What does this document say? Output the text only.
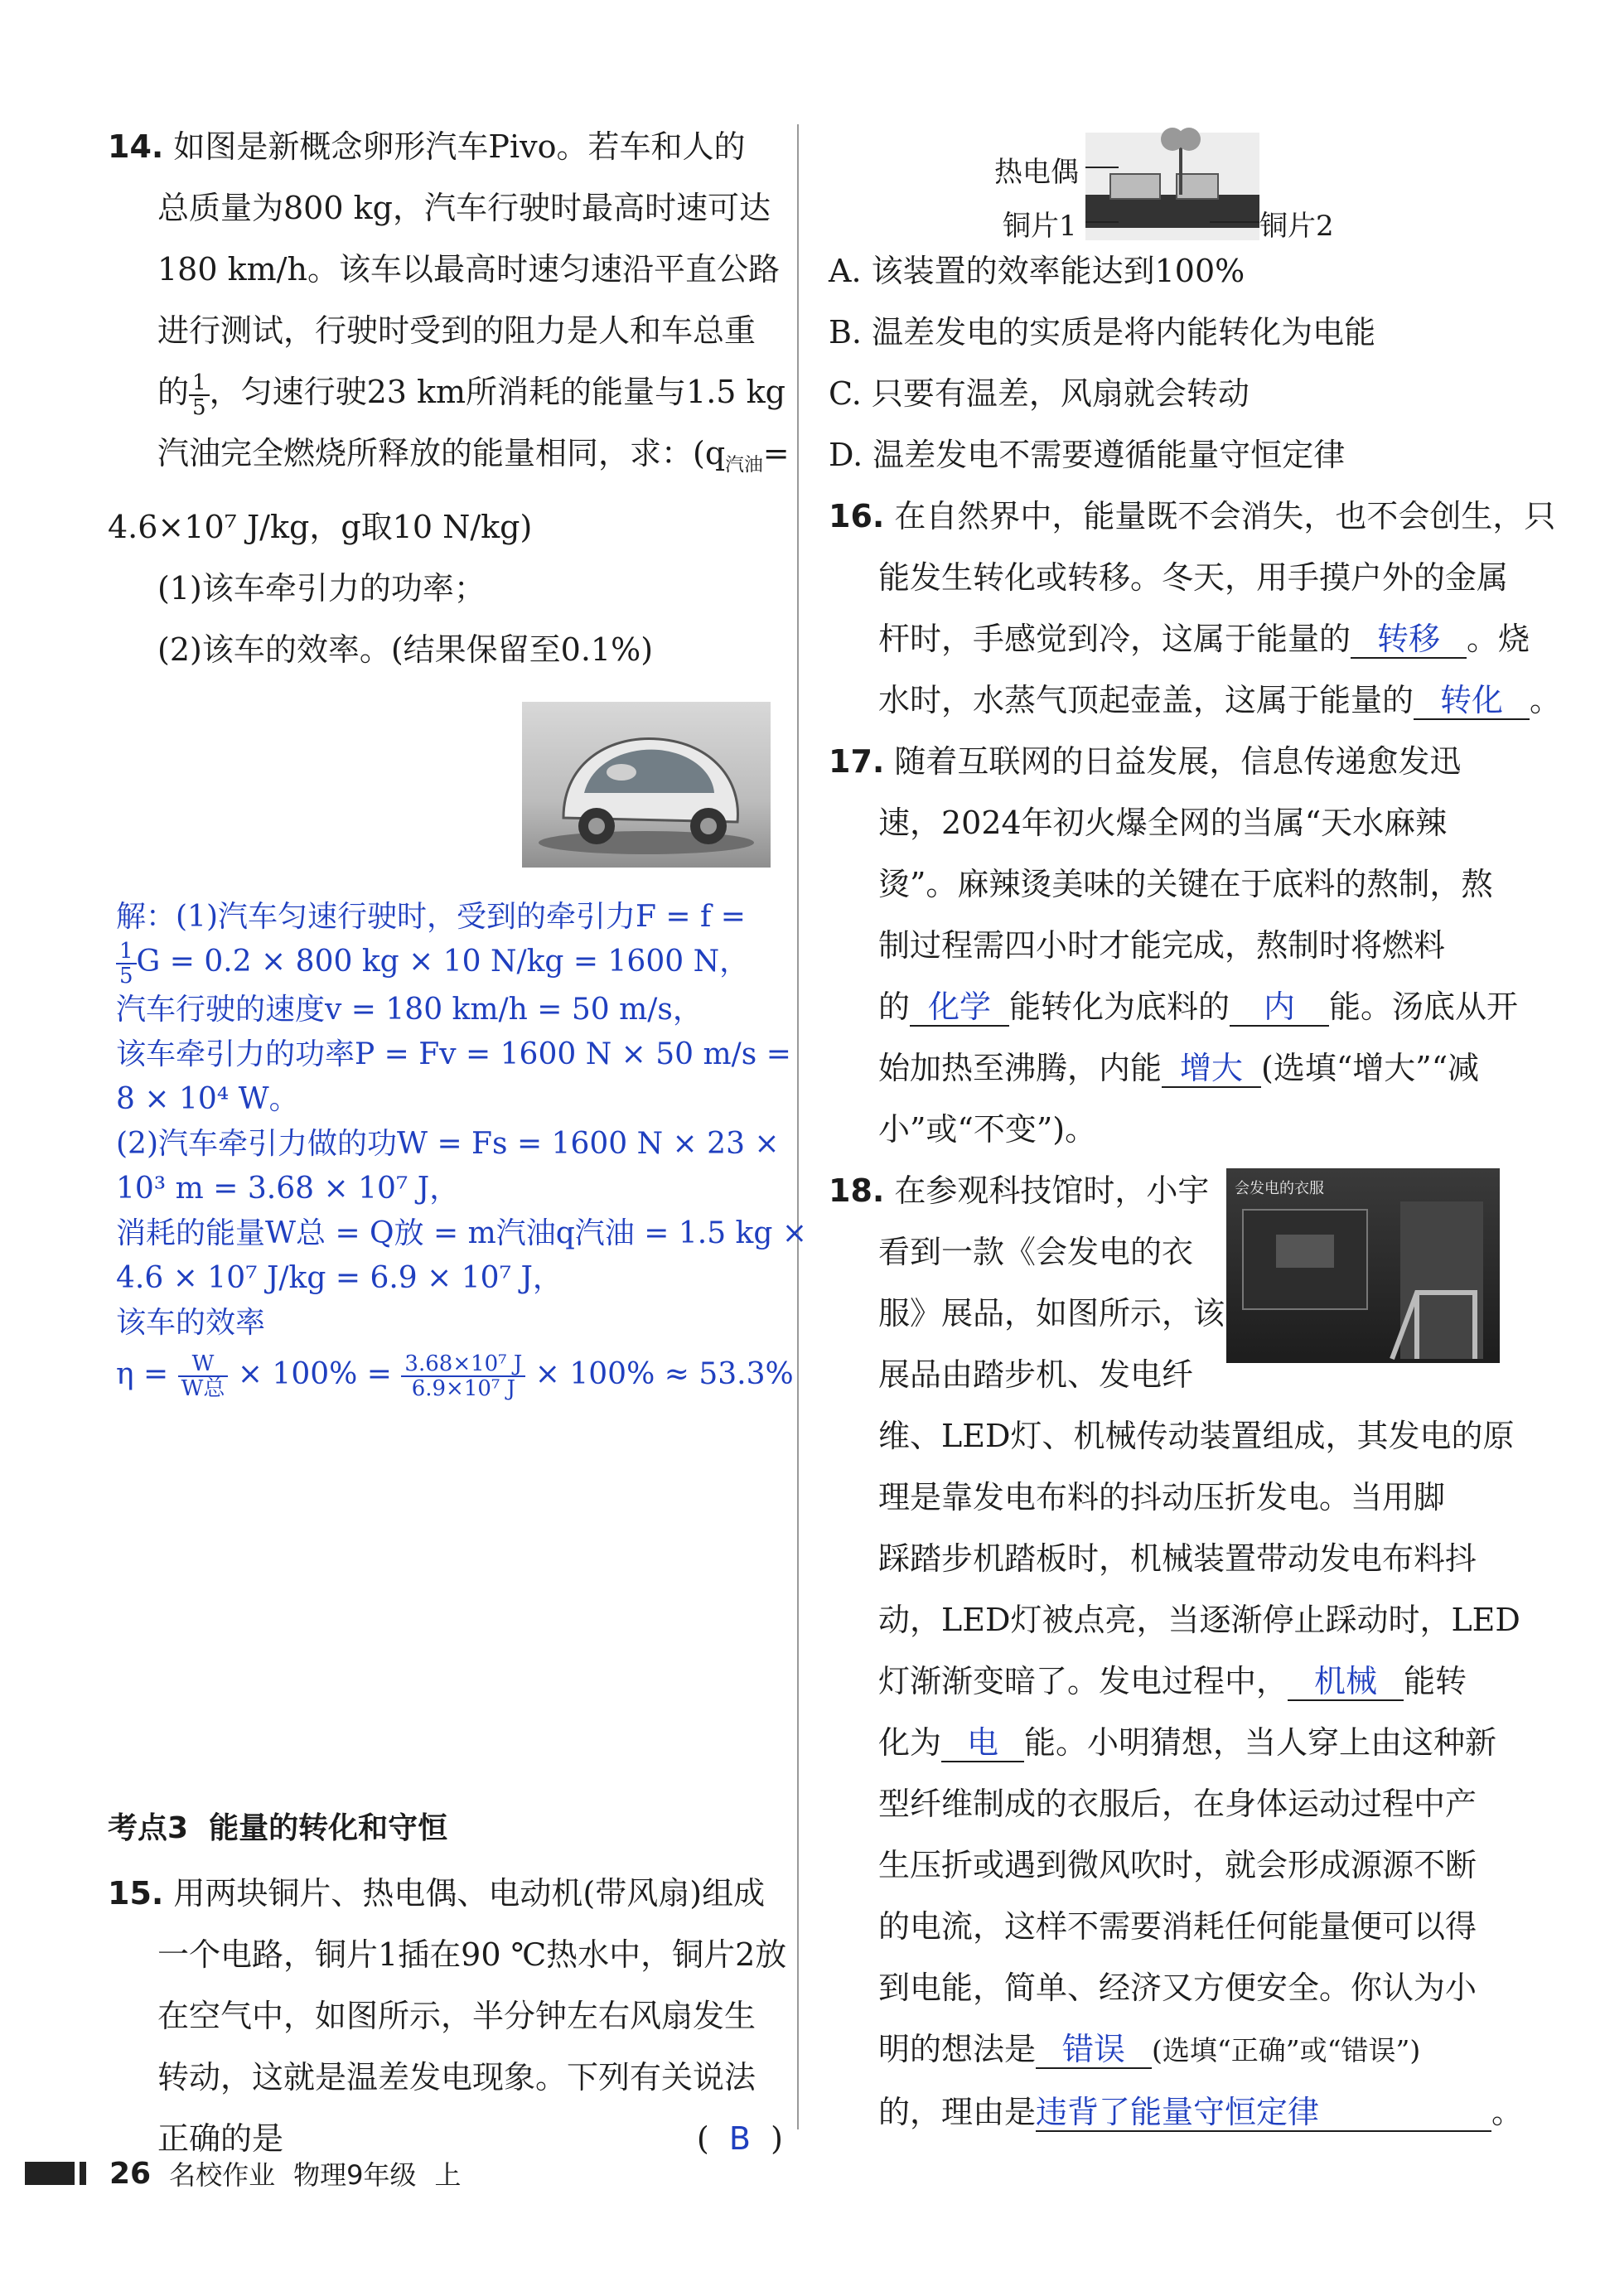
14. 如图是新概念卵形汽车Pivo。若车和人的
总质量为800 kg，汽车行驶时最高时速可达
180 km/h。该车以最高时速匀速沿平直公路
进行测试，行驶时受到的阻力是人和车总重
的 $\frac{1}{5}$ ，匀速行驶23 km所消耗的能量与1.5 kg
汽油完全燃烧所释放的能量相同，求：($q_{汽油}=$
4.6×10⁷ J/kg，g取10 N/kg)
(1)该车牵引力的功率；
(2)该车的效率。(结果保留至0.1%)
解：(1)汽车匀速行驶时，受到的牵引力F = f =
$\frac{1}{5}$ G = 0.2 × 800 kg × 10 N/kg = 1600 N，
汽车行驶的速度v = 180 km/h = 50 m/s，
该车牵引力的功率P = Fv = 1600 N × 50 m/s =
8 × 10⁴ W。
(2)汽车牵引力做的功W = Fs = 1600 N × 23 ×
10³ m = 3.68 × 10⁷ J，
消耗的能量W总 = Q放 = m汽油q汽油 = 1.5 kg ×
4.6 × 10⁷ J/kg = 6.9 × 10⁷ J，
该车的效率
$\eta = \frac{W}{\text{W总}} \times 100\% = \frac{\text{3.68×10⁷ J}}{\text{6.9×10⁷ J}} \times 100\% \approx 53.3\%$
考点3 能量的转化和守恒
15. 用两块铜片、热电偶、电动机(带风扇)组成
一个电路，铜片1插在90 ℃热水中，铜片2放
在空气中，如图所示，半分钟左右风扇发生
转动，这就是温差发电现象。下列有关说法
正确的是	( B )
热电偶
铜片1	铜片2
A. 该装置的效率能达到100%
B. 温差发电的实质是将内能转化为电能
C. 只要有温差，风扇就会转动
D. 温差发电不需要遵循能量守恒定律
16. 在自然界中，能量既不会消失，也不会创生，只
能发生转化或转移。冬天，用手摸户外的金属
杆时，手感觉到冷，这属于能量的 转移 。烧
水时，水蒸气顶起壶盖，这属于能量的 转化 。
17. 随着互联网的日益发展，信息传递愈发迅
速，2024年初火爆全网的当属“天水麻辣
烫”。麻辣烫美味的关键在于底料的熬制，熬
制过程需四小时才能完成，熬制时将燃料
的 化学 能转化为底料的 内 能。汤底从开
始加热至沸腾，内能 增大 (选填“增大”“减
小”或“不变”)。
会发电的衣服
18. 在参观科技馆时，小宇
看到一款《会发电的衣
服》展品，如图所示，该
展品由踏步机、发电纤
维、LED灯、机械传动装置组成，其发电的原
理是靠发电布料的抖动压折发电。当用脚
踩踏步机踏板时，机械装置带动发电布料抖
动，LED灯被点亮，当逐渐停止踩动时，LED
灯渐渐变暗了。发电过程中， 机械 能转
化为 电 能。小明猜想，当人穿上由这种新
型纤维制成的衣服后，在身体运动过程中产
生压折或遇到微风吹时，就会形成源源不断
的电流，这样不需要消耗任何能量便可以得
到电能，简单、经济又方便安全。你认为小
明的想法是 错误 (选填“正确”或“错误”)
的，理由是违背了能量守恒定律	。
26 名校作业 物理9年级 上
